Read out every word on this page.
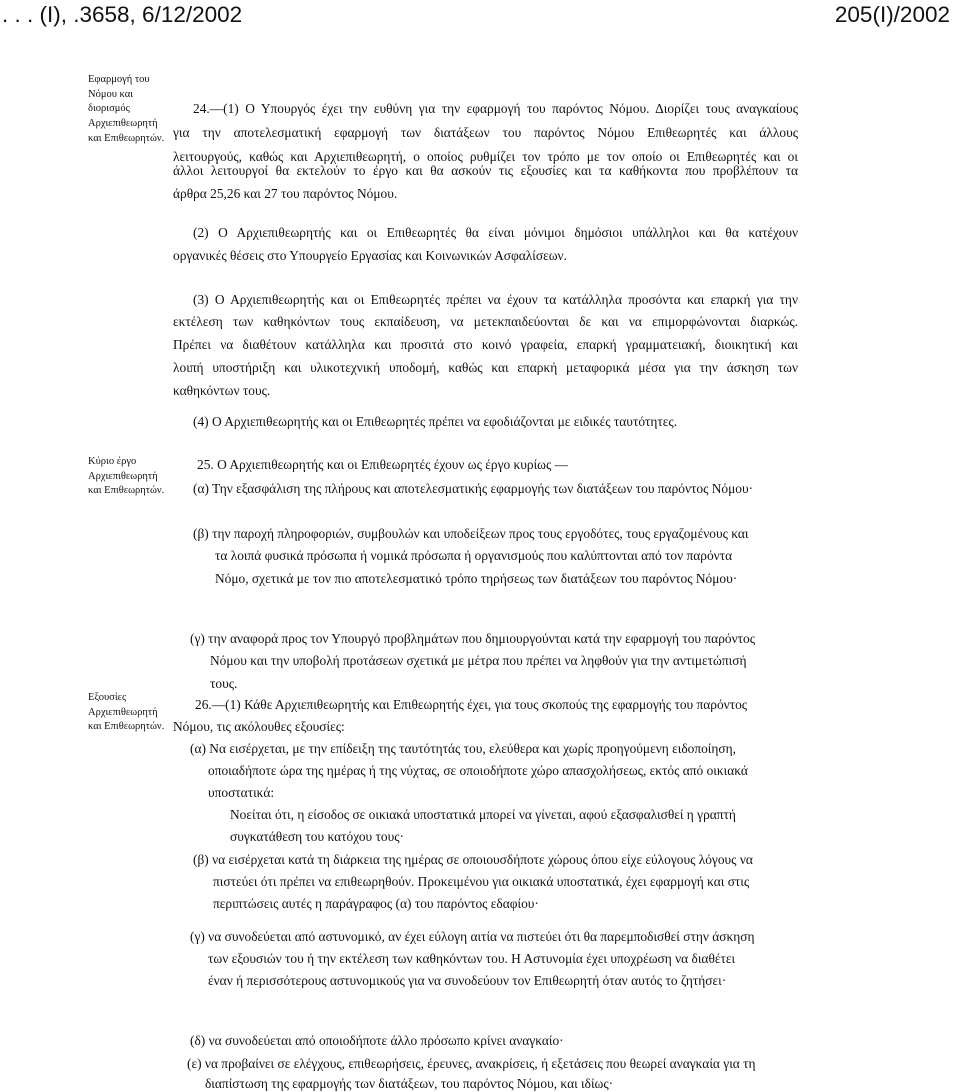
. . . (Ι), .3658, 6/12/2002	205(Ι)/2002
Εφαρμογή του
Νόμου και
διορισμός
Αρχιεπιθεωρητή
και Επιθεωρητών.
Κύριο έργο
Αρχιεπιθεωρητή
και Επιθεωρητών.
Εξουσίες
Αρχιεπιθεωρητή
και Επιθεωρητών.
24.—(1) Ο Υπουργός έχει την ευθύνη για την εφαρμογή του παρόντος Νόμου. Διορίζει τους αναγκαίους
για την αποτελεσματική εφαρμογή των διατάξεων του παρόντος Νόμου Επιθεωρητές και άλλους
λειτουργούς, καθώς και Αρχιεπιθεωρητή, ο οποίος ρυθμίζει τον τρόπο με τον οποίο οι Επιθεωρητές και οι
άλλοι λειτουργοί θα εκτελούν το έργο και θα ασκούν τις εξουσίες και τα καθήκοντα που προβλέπουν τα
άρθρα 25,26 και 27 του παρόντος Νόμου.
(2) Ο Αρχιεπιθεωρητής και οι Επιθεωρητές θα είναι μόνιμοι δημόσιοι υπάλληλοι και θα κατέχουν
οργανικές θέσεις στο Υπουργείο Εργασίας και Κοινωνικών Ασφαλίσεων.
(3) Ο Αρχιεπιθεωρητής και οι Επιθεωρητές πρέπει να έχουν τα κατάλληλα προσόντα και επαρκή για την
εκτέλεση των καθηκόντων τους εκπαίδευση, να μετεκπαιδεύονται δε και να επιμορφώνονται διαρκώς.
Πρέπει να διαθέτουν κατάλληλα και προσιτά στο κοινό γραφεία, επαρκή γραμματειακή, διοικητική και
λοιπή υποστήριξη και υλικοτεχνική υποδομή, καθώς και επαρκή μεταφορικά μέσα για την άσκηση των
καθηκόντων τους.
(4) Ο Αρχιεπιθεωρητής και οι Επιθεωρητές πρέπει να εφοδιάζονται με ειδικές ταυτότητες.
25. Ο Αρχιεπιθεωρητής και οι Επιθεωρητές έχουν ως έργο κυρίως —
(α) Την εξασφάλιση της πλήρους και αποτελεσματικής εφαρμογής των διατάξεων του παρόντος Νόμου·
(β) την παροχή πληροφοριών, συμβουλών και υποδείξεων προς τους εργοδότες, τους εργαζομένους και
τα λοιπά φυσικά πρόσωπα ή νομικά πρόσωπα ή οργανισμούς που καλύπτονται από τον παρόντα
Νόμο, σχετικά με τον πιο αποτελεσματικό τρόπο τηρήσεως των διατάξεων του παρόντος Νόμου·
(γ) την αναφορά προς τον Υπουργό προβλημάτων που δημιουργούνται κατά την εφαρμογή του παρόντος
Νόμου και την υποβολή προτάσεων σχετικά με μέτρα που πρέπει να ληφθούν για την αντιμετώπισή
τους.
26.—(1) Κάθε Αρχιεπιθεωρητής και Επιθεωρητής έχει, για τους σκοπούς της εφαρμογής του παρόντος
Νόμου, τις ακόλουθες εξουσίες:
(α) Να εισέρχεται, με την επίδειξη της ταυτότητάς του, ελεύθερα και χωρίς προηγούμενη ειδοποίηση,
οποιαδήποτε ώρα της ημέρας ή της νύχτας, σε οποιοδήποτε χώρο απασχολήσεως, εκτός από οικιακά
υποστατικά:
Νοείται ότι, η είσοδος σε οικιακά υποστατικά μπορεί να γίνεται, αφού εξασφαλισθεί η γραπτή
συγκατάθεση του κατόχου τους·
(β) να εισέρχεται κατά τη διάρκεια της ημέρας σε οποιουσδήποτε χώρους όπου είχε εύλογους λόγους να
πιστεύει ότι πρέπει να επιθεωρηθούν. Προκειμένου για οικιακά υποστατικά, έχει εφαρμογή και στις
περιπτώσεις αυτές η παράγραφος (α) του παρόντος εδαφίου·
(γ) να συνοδεύεται από αστυνομικό, αν έχει εύλογη αιτία να πιστεύει ότι θα παρεμποδισθεί στην άσκηση
των εξουσιών του ή την εκτέλεση των καθηκόντων του. Η Αστυνομία έχει υποχρέωση να διαθέτει
έναν ή περισσότερους αστυνομικούς για να συνοδεύουν τον Επιθεωρητή όταν αυτός το ζητήσει·
(δ) να συνοδεύεται από οποιοδήποτε άλλο πρόσωπο κρίνει αναγκαίο·
(ε) να προβαίνει σε ελέγχους, επιθεωρήσεις, έρευνες, ανακρίσεις, ή εξετάσεις που θεωρεί αναγκαία για τη
διαπίστωση της εφαρμογής των διατάξεων, του παρόντος Νόμου, και ιδίως·
